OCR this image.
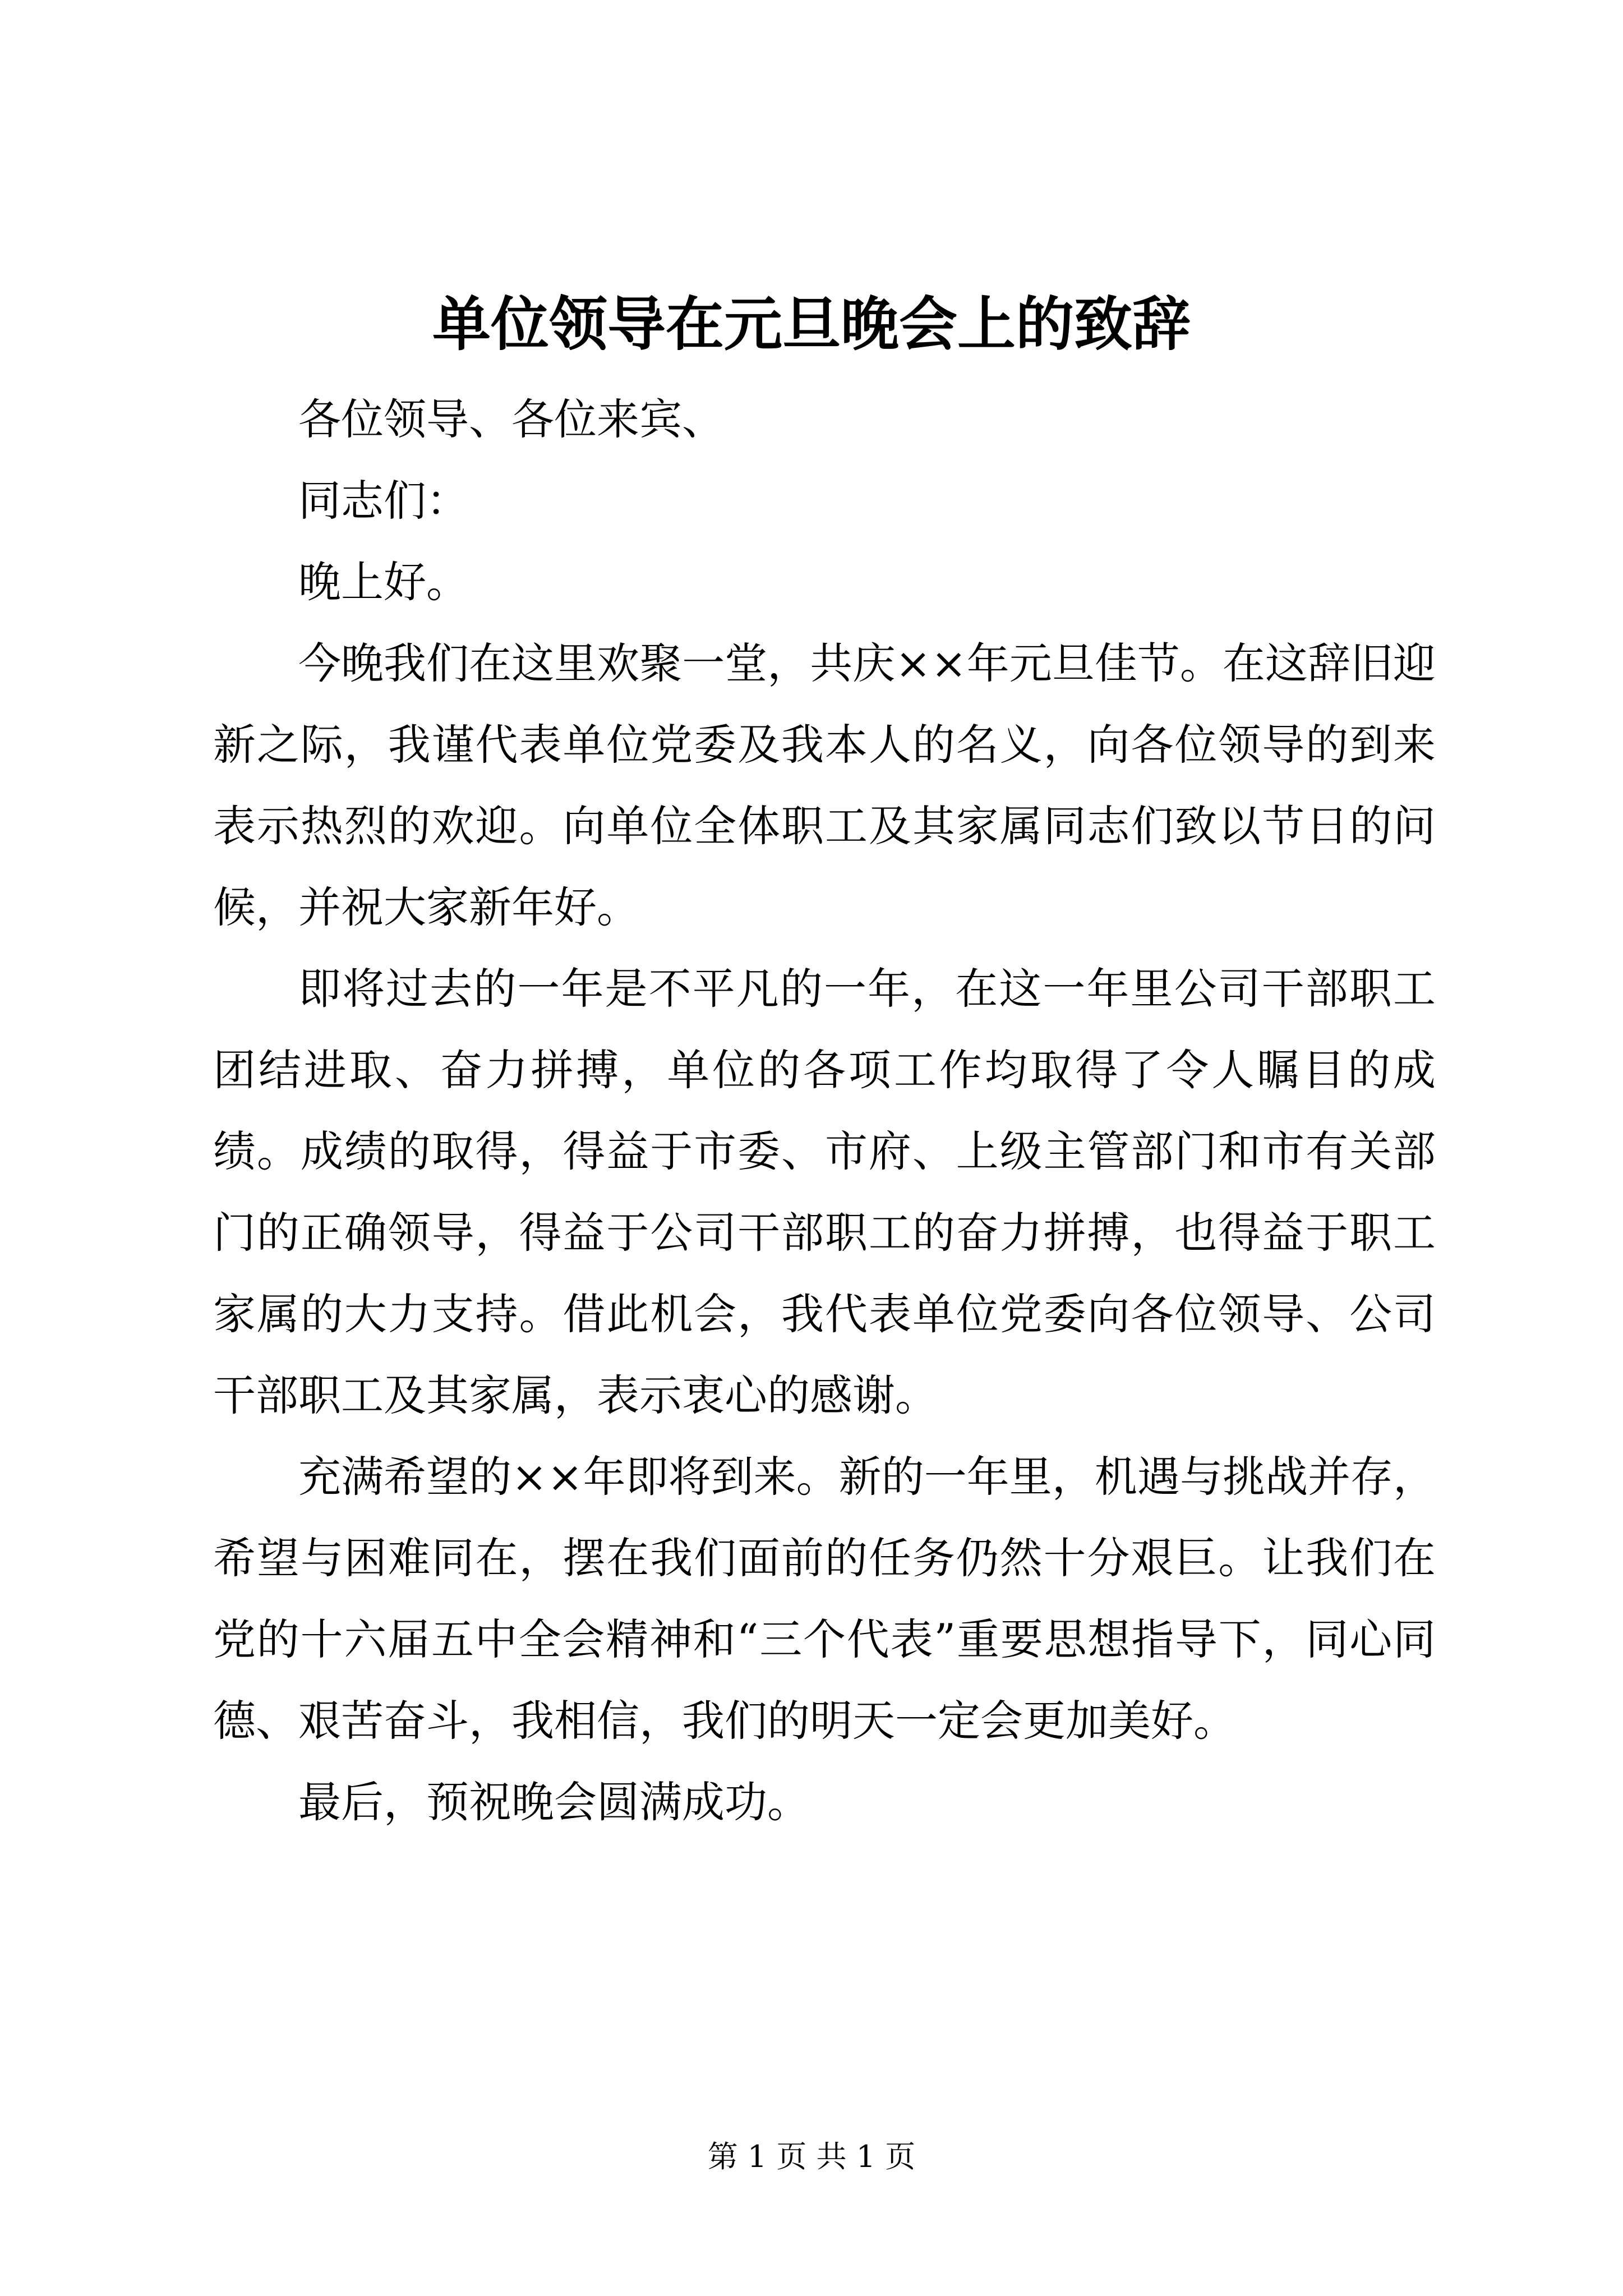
单位领导在元旦晚会上的致辞

各位领导、各位来宾、

同志们：

晚上好。

今晚我们在这里欢聚一堂，共庆××年元旦佳节。在这辞旧迎新之际，我谨代表单位党委及我本人的名义，向各位领导的到来表示热烈的欢迎。向单位全体职工及其家属同志们致以节日的问候，并祝大家新年好。

即将过去的一年是不平凡的一年，在这一年里公司干部职工团结进取、奋力拼搏，单位的各项工作均取得了令人瞩目的成绩。成绩的取得，得益于市委、市府、上级主管部门和市有关部门的正确领导，得益于公司干部职工的奋力拼搏，也得益于职工家属的大力支持。借此机会，我代表单位党委向各位领导、公司干部职工及其家属，表示衷心的感谢。

充满希望的××年即将到来。新的一年里，机遇与挑战并存，希望与困难同在，摆在我们面前的任务仍然十分艰巨。让我们在党的十六届五中全会精神和“三个代表”重要思想指导下，同心同德、艰苦奋斗，我相信，我们的明天一定会更加美好。

最后，预祝晚会圆满成功。

第 1 页 共 1 页
